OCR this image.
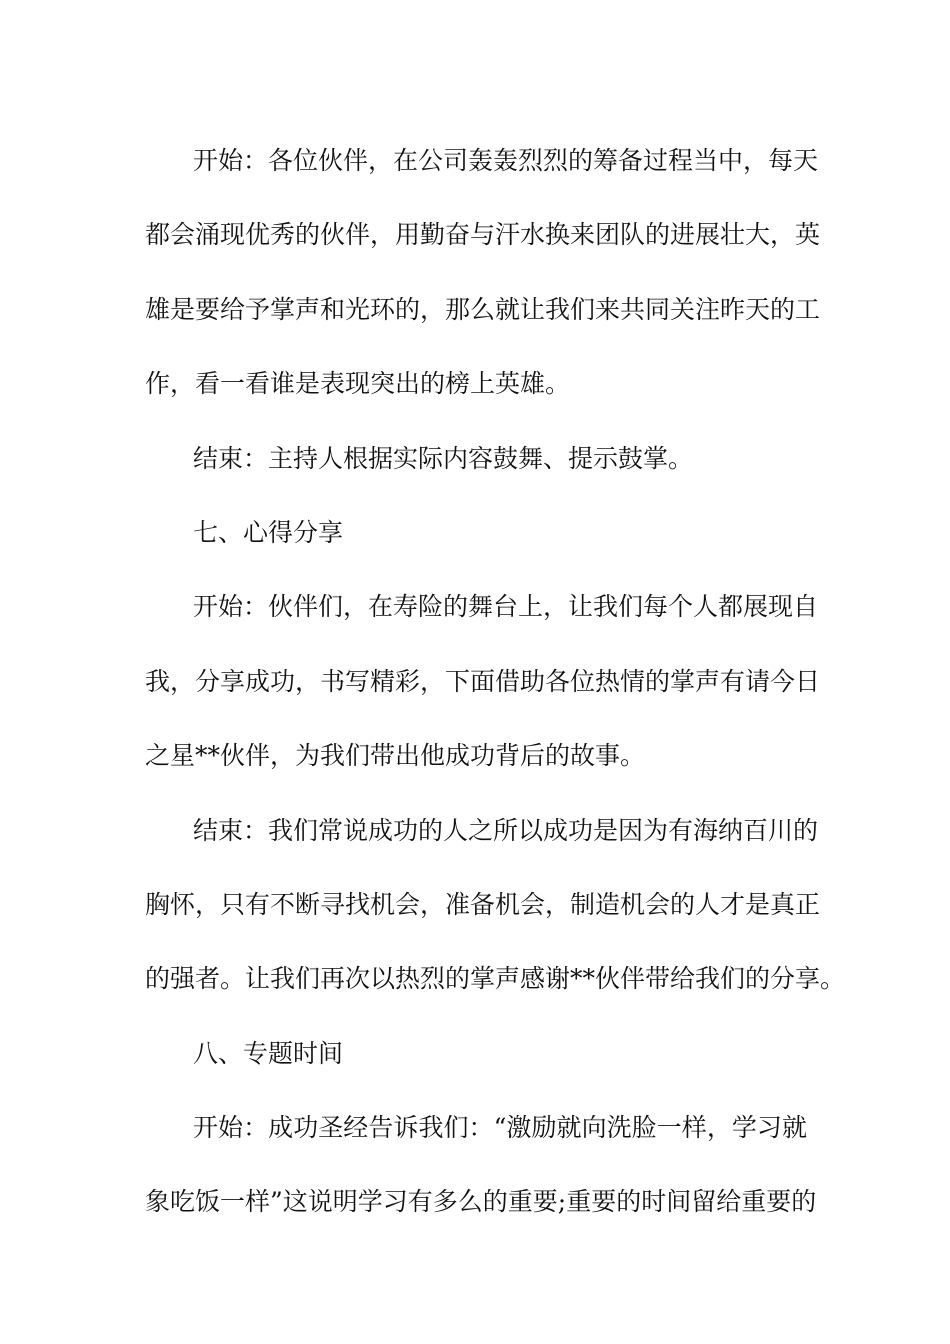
开始：各位伙伴，在公司轰轰烈烈的筹备过程当中，每天
都会涌现优秀的伙伴，用勤奋与汗水换来团队的进展壮大，英
雄是要给予掌声和光环的，那么就让我们来共同关注昨天的工
作，看一看谁是表现突出的榜上英雄。
结束：主持人根据实际内容鼓舞、提示鼓掌。
七、心得分享
开始：伙伴们，在寿险的舞台上，让我们每个人都展现自
我，分享成功，书写精彩，下面借助各位热情的掌声有请今日
之星**伙伴，为我们带出他成功背后的故事。
结束：我们常说成功的人之所以成功是因为有海纳百川的
胸怀，只有不断寻找机会，准备机会，制造机会的人才是真正
的强者。让我们再次以热烈的掌声感谢**伙伴带给我们的分享。
八、专题时间
开始：成功圣经告诉我们：“激励就向洗脸一样，学习就
象吃饭一样”这说明学习有多么的重要;重要的时间留给重要的
